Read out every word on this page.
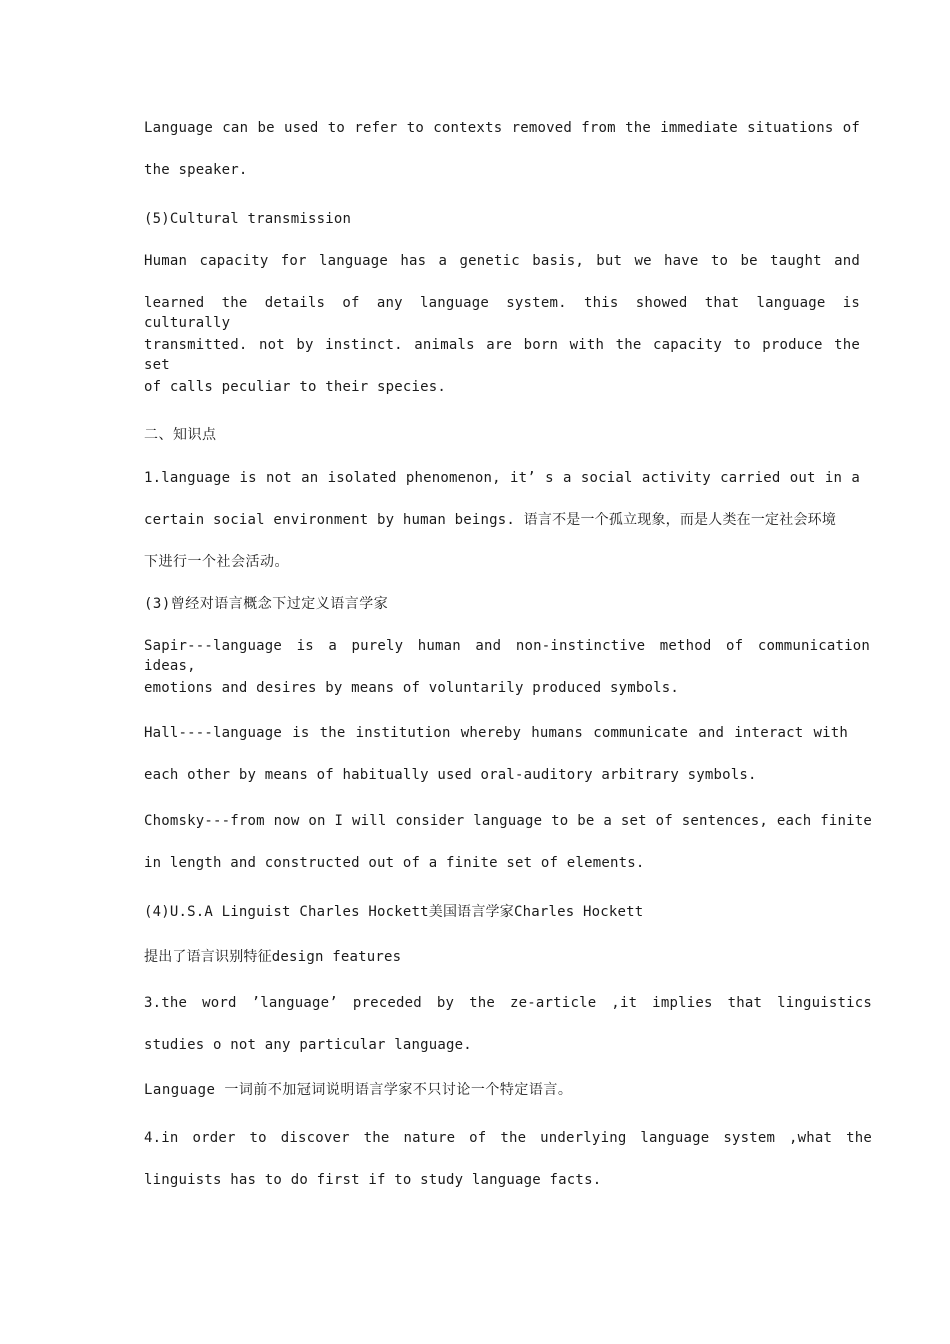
Language can be used to refer to contexts removed from the immediate situations of
the speaker.
(5)Cultural transmission
Human capacity for language has a genetic basis, but we have to be taught and
learned the details of any language system. this showed that language is culturally
transmitted. not by instinct. animals are born with the capacity to produce the set
of calls peculiar to their species.
二、知识点
1.language is not an isolated phenomenon, it’ s a social activity carried out in a
certain social environment by human beings. 语言不是一个孤立现象，而是人类在一定社会环境
下进行一个社会活动。
(3)曾经对语言概念下过定义语言学家
Sapir---language is a purely human and non-instinctive method of communication ideas,
emotions and desires by means of voluntarily produced symbols.
Hall----language is the institution whereby humans communicate and interact with
each other by means of habitually used oral-auditory arbitrary symbols.
Chomsky---from now on I will consider language to be a set of sentences, each finite
in length and constructed out of a finite set of elements.
(4)U.S.A Linguist Charles Hockett美国语言学家Charles Hockett
提出了语言识别特征design features
3.the word ’language’ preceded by the ze-article ,it implies that linguistics
studies o not any particular language.
Language 一词前不加冠词说明语言学家不只讨论一个特定语言。
4.in order to discover the nature of the underlying language system ,what the
linguists has to do first if to study language facts.
